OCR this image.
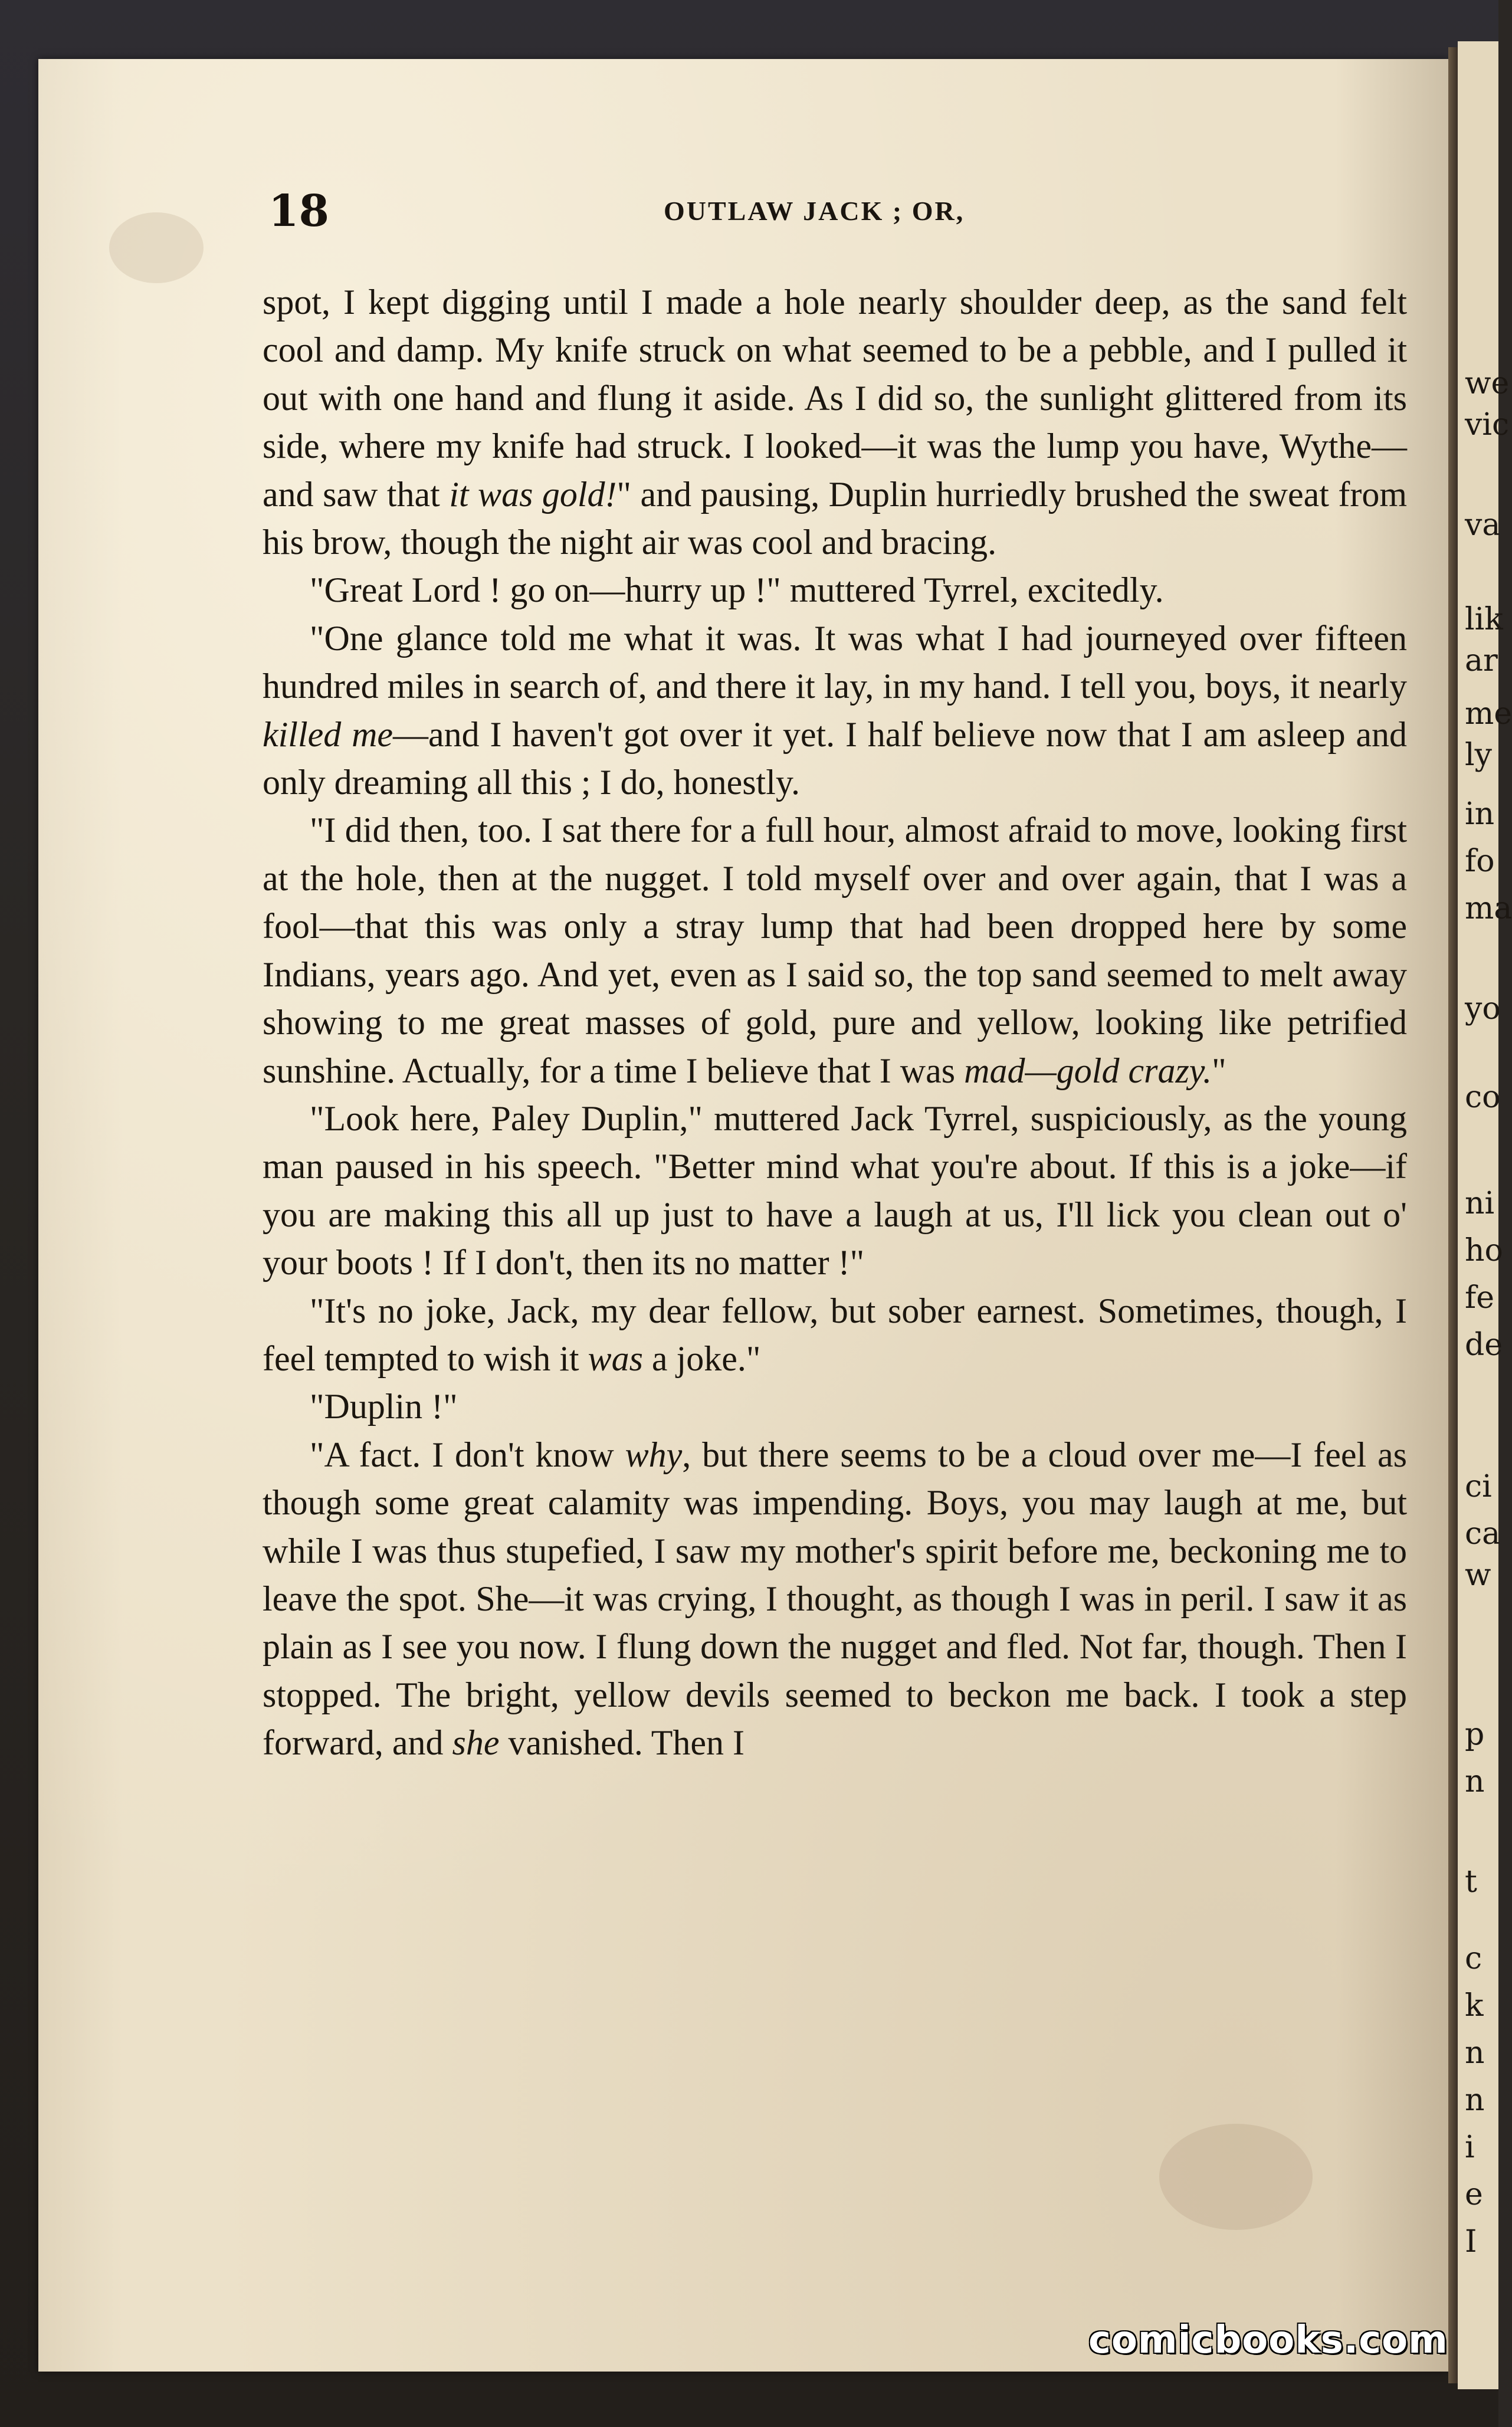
we
vic
va
lik
ar
me
ly
in
fo
ma
yo
co
ni
ho
fe
de
ci
ca
w
p
n
t
c
k
n
n
i
e
I
18	OUTLAW JACK ; OR,

spot, I kept digging until I made a hole nearly shoulder deep, as the sand felt cool and damp. My knife struck on what seemed to be a pebble, and I pulled it out with one hand and flung it aside. As I did so, the sunlight glittered from its side, where my knife had struck. I looked—it was the lump you have, Wythe—and saw that it was gold!" and pausing, Duplin hurriedly brushed the sweat from his brow, though the night air was cool and bracing.

"Great Lord ! go on—hurry up !" muttered Tyrrel, excitedly.

"One glance told me what it was. It was what I had journeyed over fifteen hundred miles in search of, and there it lay, in my hand. I tell you, boys, it nearly killed me—and I haven't got over it yet. I half believe now that I am asleep and only dreaming all this ; I do, honestly.

"I did then, too. I sat there for a full hour, almost afraid to move, looking first at the hole, then at the nugget. I told myself over and over again, that I was a fool—that this was only a stray lump that had been dropped here by some Indians, years ago. And yet, even as I said so, the top sand seemed to melt away showing to me great masses of gold, pure and yellow, looking like petrified sunshine. Actually, for a time I believe that I was mad—gold crazy."

"Look here, Paley Duplin," muttered Jack Tyrrel, suspiciously, as the young man paused in his speech. "Better mind what you're about. If this is a joke—if you are making this all up just to have a laugh at us, I'll lick you clean out o' your boots ! If I don't, then its no matter !"

"It's no joke, Jack, my dear fellow, but sober earnest. Sometimes, though, I feel tempted to wish it was a joke."

"Duplin !"

"A fact. I don't know why, but there seems to be a cloud over me—I feel as though some great calamity was impending. Boys, you may laugh at me, but while I was thus stupefied, I saw my mother's spirit before me, beckoning me to leave the spot. She—it was crying, I thought, as though I was in peril. I saw it as plain as I see you now. I flung down the nugget and fled. Not far, though. Then I stopped. The bright, yellow devils seemed to beckon me back. I took a step forward, and she vanished. Then I

comicbooks.com
